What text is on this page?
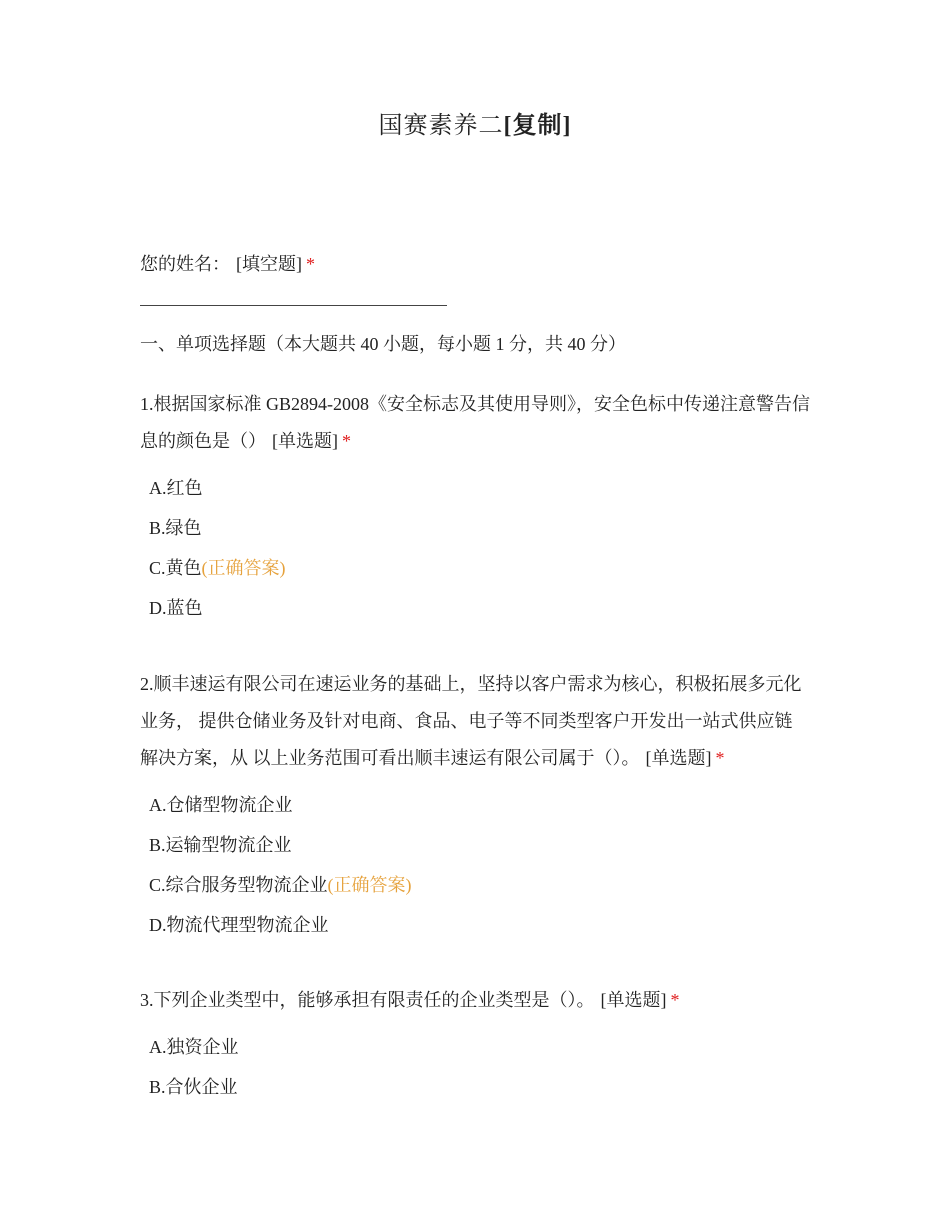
国赛素养二[复制]
您的姓名： [填空题] *
一、单项选择题（本大题共 40 小题，每小题 1 分，共 40 分）

1.根据国家标准 GB2894-2008《安全标志及其使用导则》，安全色标中传递注意警告信息的颜色是（） [单选题] *

A.红色
B.绿色
C.黄色(正确答案)
D.蓝色

2.顺丰速运有限公司在速运业务的基础上，坚持以客户需求为核心，积极拓展多元化业务， 提供仓储业务及针对电商、食品、电子等不同类型客户开发出一站式供应链解决方案，从 以上业务范围可看出顺丰速运有限公司属于（）。 [单选题] *

A.仓储型物流企业
B.运输型物流企业
C.综合服务型物流企业(正确答案)
D.物流代理型物流企业

3.下列企业类型中，能够承担有限责任的企业类型是（）。 [单选题] *

A.独资企业
B.合伙企业
